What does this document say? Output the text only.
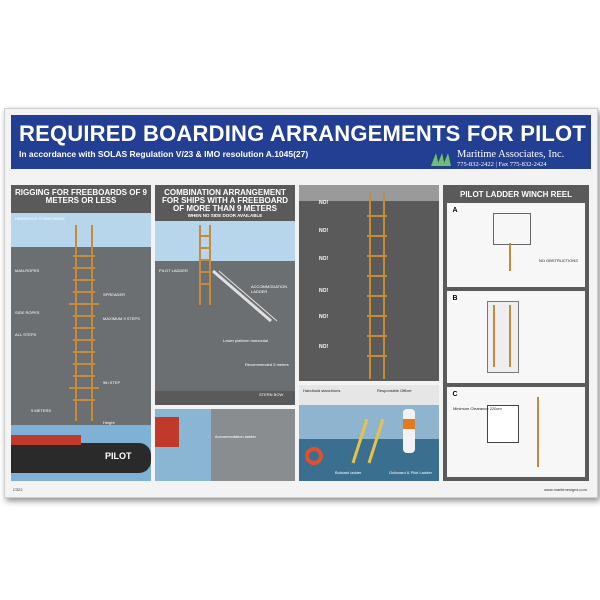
REQUIRED BOARDING ARRANGEMENTS FOR PILOT
In accordance with SOLAS Regulation V/23 & IMO resolution A.1045(27)	Maritime Associates, Inc.
775-832-2422 | Fax 775-832-2424
RIGGING FOR FREEBOARDS OF 9 METERS OR LESS
HANDHOLD STANCHIONS
MAN-ROPES
SIDE ROPES
ALL STEPS
SPREADER
MAXIMUM 9 STEPS
9th STEP
9 METERS
Height
PILOT
COMBINATION ARRANGEMENT FOR SHIPS WITH A FREEBOARD OF MORE THAN 9 METERS
WHEN NO SIDE DOOR AVAILABLE
PILOT LADDER
ACCOMMODATION LADDER
Lower platform horizontal
Recommended 5 meters
STERN BOW
Accommodation ladder
NO!
NO!
NO!
NO!
NO!
NO!
Handhold stanchions	Responsible Officer
Bulwark ladder	Outboard & Pilot Ladder
PILOT LADDER WINCH REEL
A
NO OBSTRUCTIONS
B
C
Minimum Clearance 220cm
C322	www.maritimesigns.com
